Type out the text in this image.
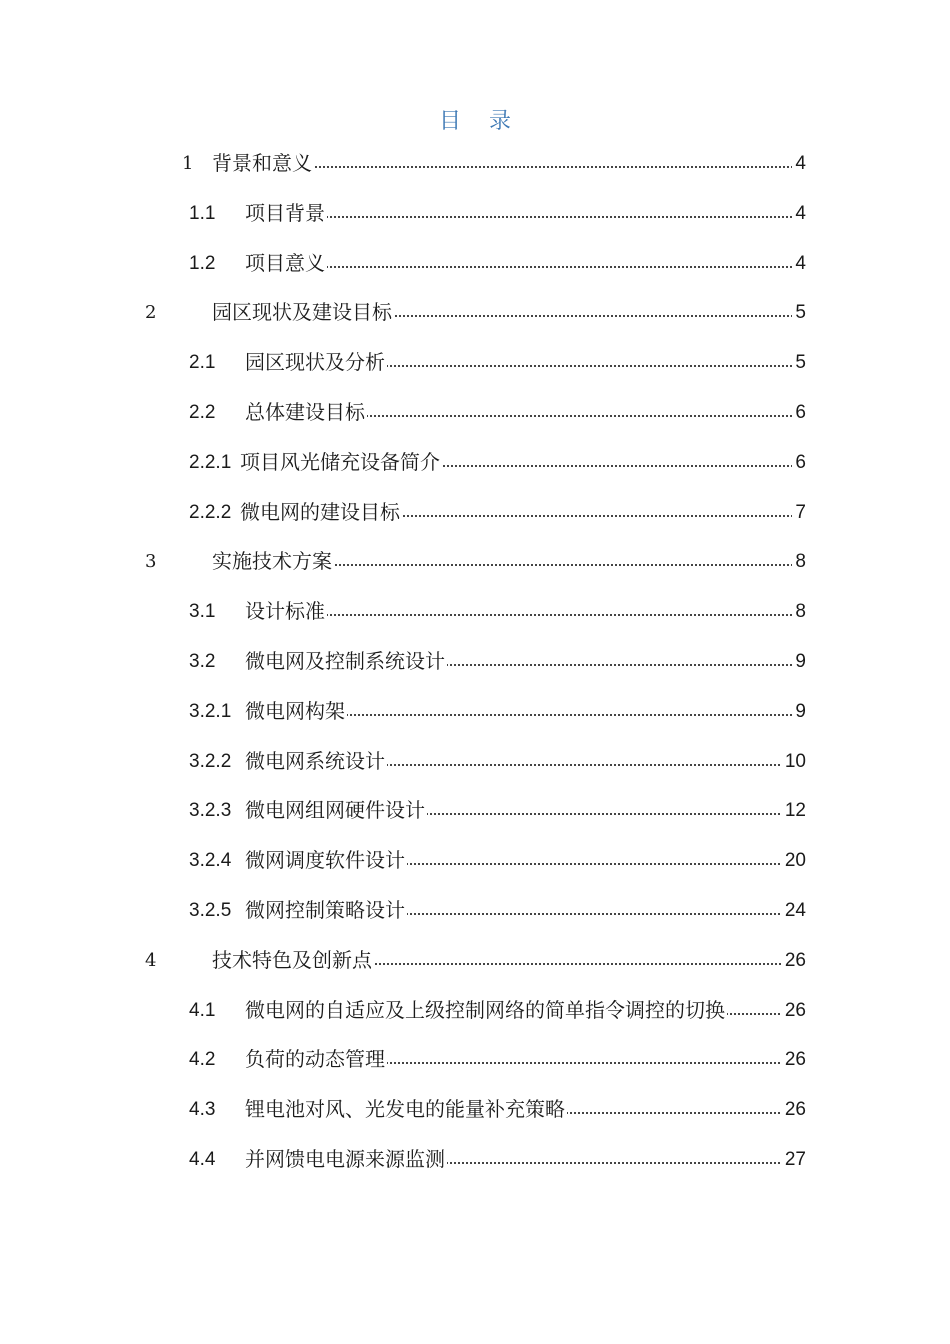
目    录
1 背景和意义	4
1.1 项目背景	4
1.2 项目意义	4
2	园区现状及建设目标	5
2.1 园区现状及分析	5
2.2 总体建设目标	6
2.2.1 项目风光储充设备简介	6
2.2.2 微电网的建设目标	7
3	实施技术方案	8
3.1 设计标准	8
3.2 微电网及控制系统设计	9
3.2.1 微电网构架	9
3.2.2 微电网系统设计	10
3.2.3 微电网组网硬件设计	12
3.2.4 微网调度软件设计	20
3.2.5 微网控制策略设计	24
4	技术特色及创新点	26
4.1 微电网的自适应及上级控制网络的简单指令调控的切换	26
4.2 负荷的动态管理	26
4.3 锂电池对风、光发电的能量补充策略	26
4.4 并网馈电电源来源监测	27
